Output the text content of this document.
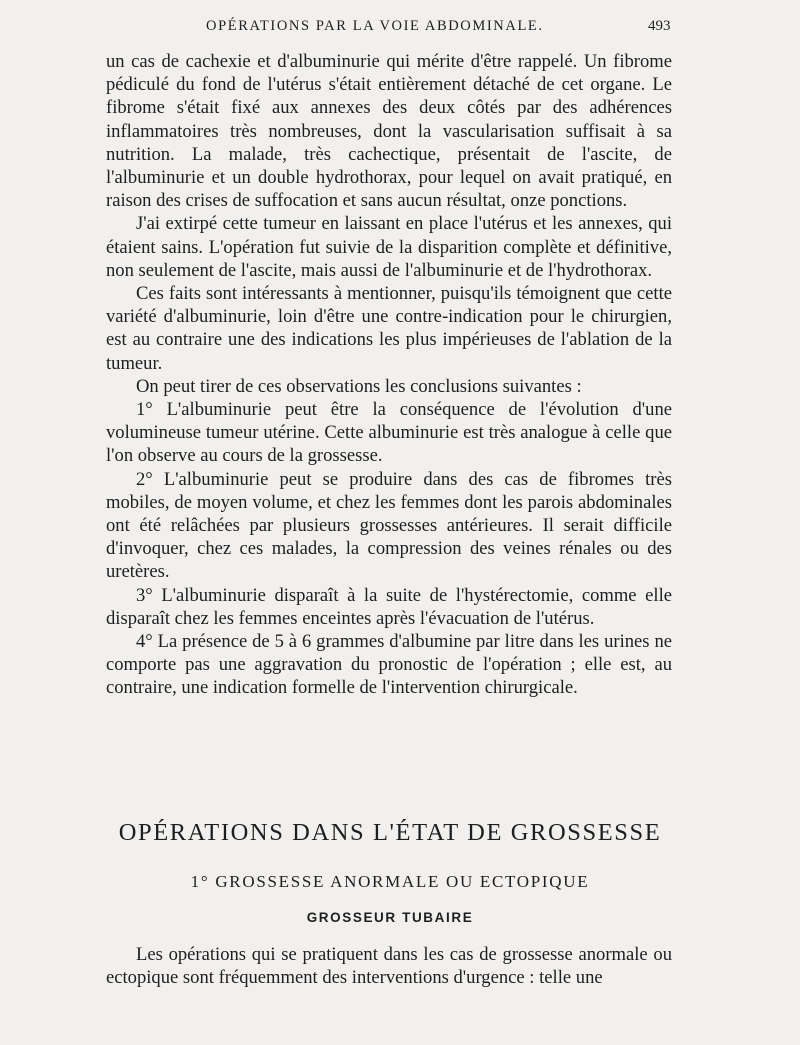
OPÉRATIONS PAR LA VOIE ABDOMINALE.	493

un cas de cachexie et d'albuminurie qui mérite d'être rappelé. Un fibrome pédiculé du fond de l'utérus s'était entièrement détaché de cet organe. Le fibrome s'était fixé aux annexes des deux côtés par des adhérences inflammatoires très nombreuses, dont la vascularisation suffisait à sa nutrition. La malade, très cachectique, présentait de l'ascite, de l'albuminurie et un double hydrothorax, pour lequel on avait pratiqué, en raison des crises de suffocation et sans aucun résultat, onze ponctions.

J'ai extirpé cette tumeur en laissant en place l'utérus et les annexes, qui étaient sains. L'opération fut suivie de la disparition complète et définitive, non seulement de l'ascite, mais aussi de l'albuminurie et de l'hydrothorax.

Ces faits sont intéressants à mentionner, puisqu'ils témoignent que cette variété d'albuminurie, loin d'être une contre-indication pour le chirurgien, est au contraire une des indications les plus impérieuses de l'ablation de la tumeur.

On peut tirer de ces observations les conclusions suivantes :

1° L'albuminurie peut être la conséquence de l'évolution d'une volumineuse tumeur utérine. Cette albuminurie est très analogue à celle que l'on observe au cours de la grossesse.

2° L'albuminurie peut se produire dans des cas de fibromes très mobiles, de moyen volume, et chez les femmes dont les parois abdominales ont été relâchées par plusieurs grossesses antérieures. Il serait difficile d'invoquer, chez ces malades, la compression des veines rénales ou des uretères.

3° L'albuminurie disparaît à la suite de l'hystérectomie, comme elle disparaît chez les femmes enceintes après l'évacuation de l'utérus.

4° La présence de 5 à 6 grammes d'albumine par litre dans les urines ne comporte pas une aggravation du pronostic de l'opération ; elle est, au contraire, une indication formelle de l'intervention chirurgicale.

OPÉRATIONS DANS L'ÉTAT DE GROSSESSE
1° GROSSESSE ANORMALE OU ECTOPIQUE
GROSSEUR TUBAIRE

Les opérations qui se pratiquent dans les cas de grossesse anormale ou ectopique sont fréquemment des interventions d'urgence : telle une
